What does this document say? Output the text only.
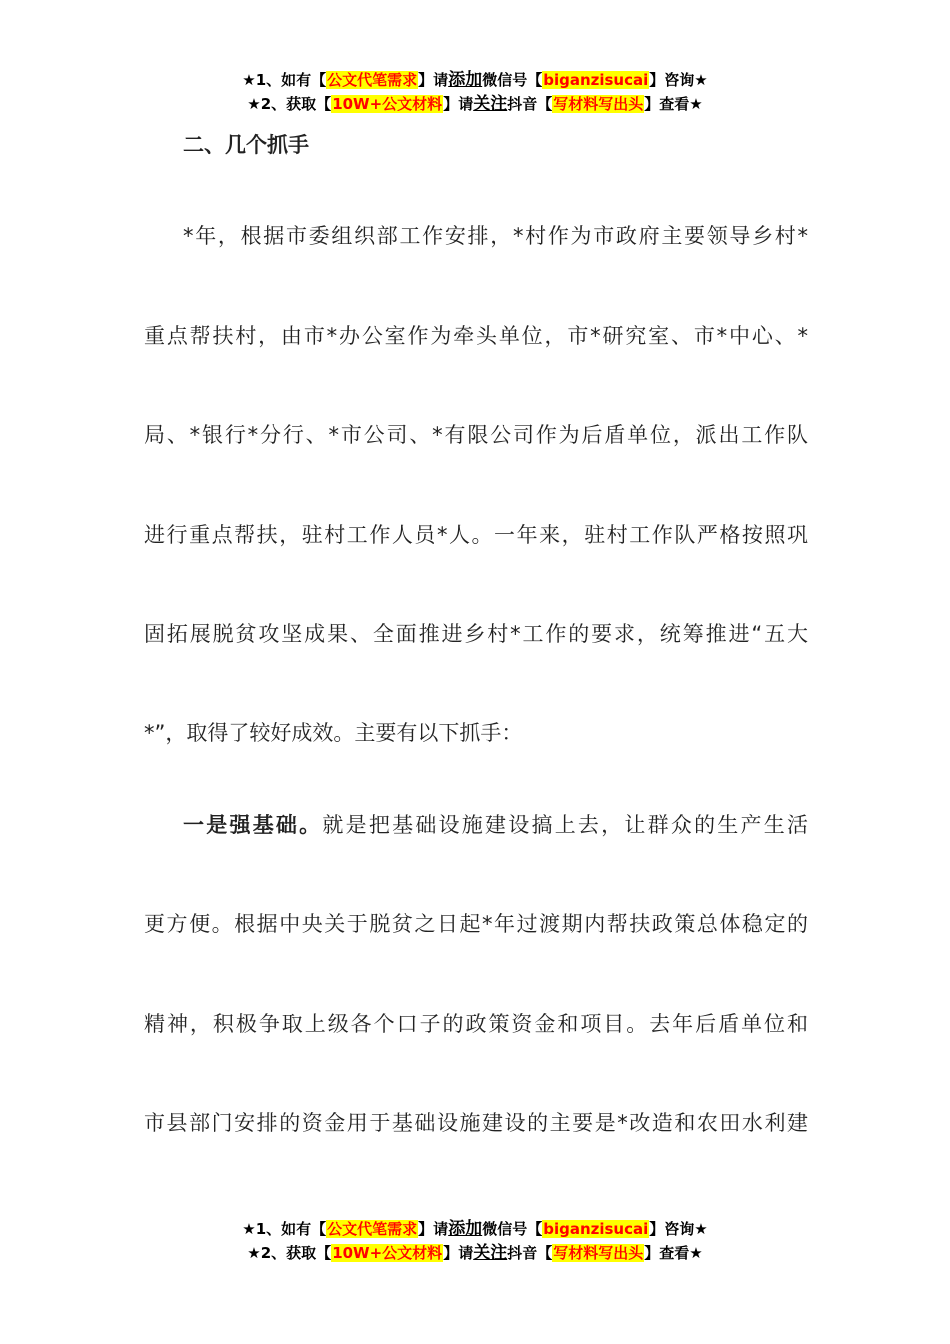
★1、如有【公文代笔需求】请添加微信号【biganzisucai】咨询★
★2、获取【10W+公文材料】请关注抖音【写材料写出头】查看★
二、几个抓手
*年，根据市委组织部工作安排，*村作为市政府主要领导乡村*
重点帮扶村，由市*办公室作为牵头单位，市*研究室、市*中心、*
局、*银行*分行、*市公司、*有限公司作为后盾单位，派出工作队
进行重点帮扶，驻村工作人员*人。一年来，驻村工作队严格按照巩
固拓展脱贫攻坚成果、全面推进乡村*工作的要求，统筹推进“五大
*”，取得了较好成效。主要有以下抓手：
一是强基础。就是把基础设施建设搞上去，让群众的生产生活
更方便。根据中央关于脱贫之日起*年过渡期内帮扶政策总体稳定的
精神，积极争取上级各个口子的政策资金和项目。去年后盾单位和
市县部门安排的资金用于基础设施建设的主要是*改造和农田水利建
★1、如有【公文代笔需求】请添加微信号【biganzisucai】咨询★
★2、获取【10W+公文材料】请关注抖音【写材料写出头】查看★
